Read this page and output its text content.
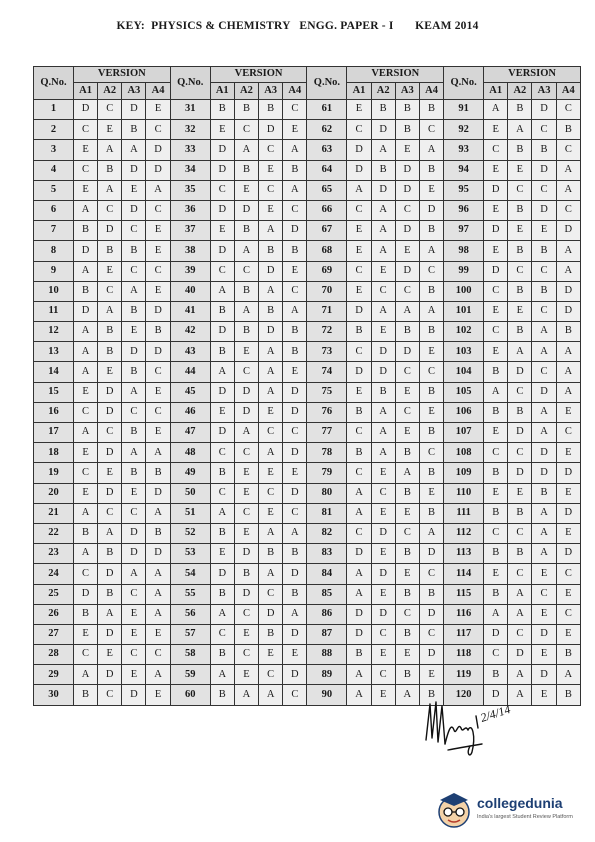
KEY:  PHYSICS & CHEMISTRY   ENGG. PAPER - I       KEAM 2014
Q.No.	VERSION				Q.No.	VERSION				Q.No.	VERSION				Q.No.	VERSION			
	A1	A2	A3	A4		A1	A2	A3	A4		A1	A2	A3	A4		A1	A2	A3	A4
1	D	C	D	E	31	B	B	B	C	61	E	B	B	B	91	A	B	D	C
2	C	E	B	C	32	E	C	D	E	62	C	D	B	C	92	E	A	C	B
3	E	A	A	D	33	D	A	C	A	63	D	A	E	A	93	C	B	B	C
4	C	B	D	D	34	D	B	E	B	64	D	B	D	B	94	E	E	D	A
5	E	A	E	A	35	C	E	C	A	65	A	D	D	E	95	D	C	C	A
6	A	C	D	C	36	D	D	E	C	66	C	A	C	D	96	E	B	D	C
7	B	D	C	E	37	E	B	A	D	67	E	A	D	B	97	D	E	E	D
8	D	B	B	E	38	D	A	B	B	68	E	A	E	A	98	E	B	B	A
9	A	E	C	C	39	C	C	D	E	69	C	E	D	C	99	D	C	C	A
10	B	C	A	E	40	A	B	A	C	70	E	C	C	B	100	C	B	B	D
11	D	A	B	D	41	B	A	B	A	71	D	A	A	A	101	E	E	C	D
12	A	B	E	B	42	D	B	D	B	72	B	E	B	B	102	C	B	A	B
13	A	B	D	D	43	B	E	A	B	73	C	D	D	E	103	E	A	A	A
14	A	E	B	C	44	A	C	A	E	74	D	D	C	C	104	B	D	C	A
15	E	D	A	E	45	D	D	A	D	75	E	B	E	B	105	A	C	D	A
16	C	D	C	C	46	E	D	E	D	76	B	A	C	E	106	B	B	A	E
17	A	C	B	E	47	D	A	C	C	77	C	A	E	B	107	E	D	A	C
18	E	D	A	A	48	C	C	A	D	78	B	A	B	C	108	C	C	D	E
19	C	E	B	B	49	B	E	E	E	79	C	E	A	B	109	B	D	D	D
20	E	D	E	D	50	C	E	C	D	80	A	C	B	E	110	E	E	B	E
21	A	C	C	A	51	A	C	E	C	81	A	E	E	B	111	B	B	A	D
22	B	A	D	B	52	B	E	A	A	82	C	D	C	A	112	C	C	A	E
23	A	B	D	D	53	E	D	B	B	83	D	E	B	D	113	B	B	A	D
24	C	D	A	A	54	D	B	A	D	84	A	D	E	C	114	E	C	E	C
25	D	B	C	A	55	B	D	C	B	85	A	E	B	B	115	B	A	C	E
26	B	A	E	A	56	A	C	D	A	86	D	D	C	D	116	A	A	E	C
27	E	D	E	E	57	C	E	B	D	87	D	C	B	C	117	D	C	D	E
28	C	E	C	C	58	B	C	E	E	88	B	E	E	D	118	C	D	E	B
29	A	D	E	A	59	A	E	C	D	89	A	C	B	E	119	B	A	D	A
30	B	C	D	E	60	B	A	A	C	90	A	E	A	B	120	D	A	E	B
2/4/14
collegedunia
India's largest Student Review Platform
